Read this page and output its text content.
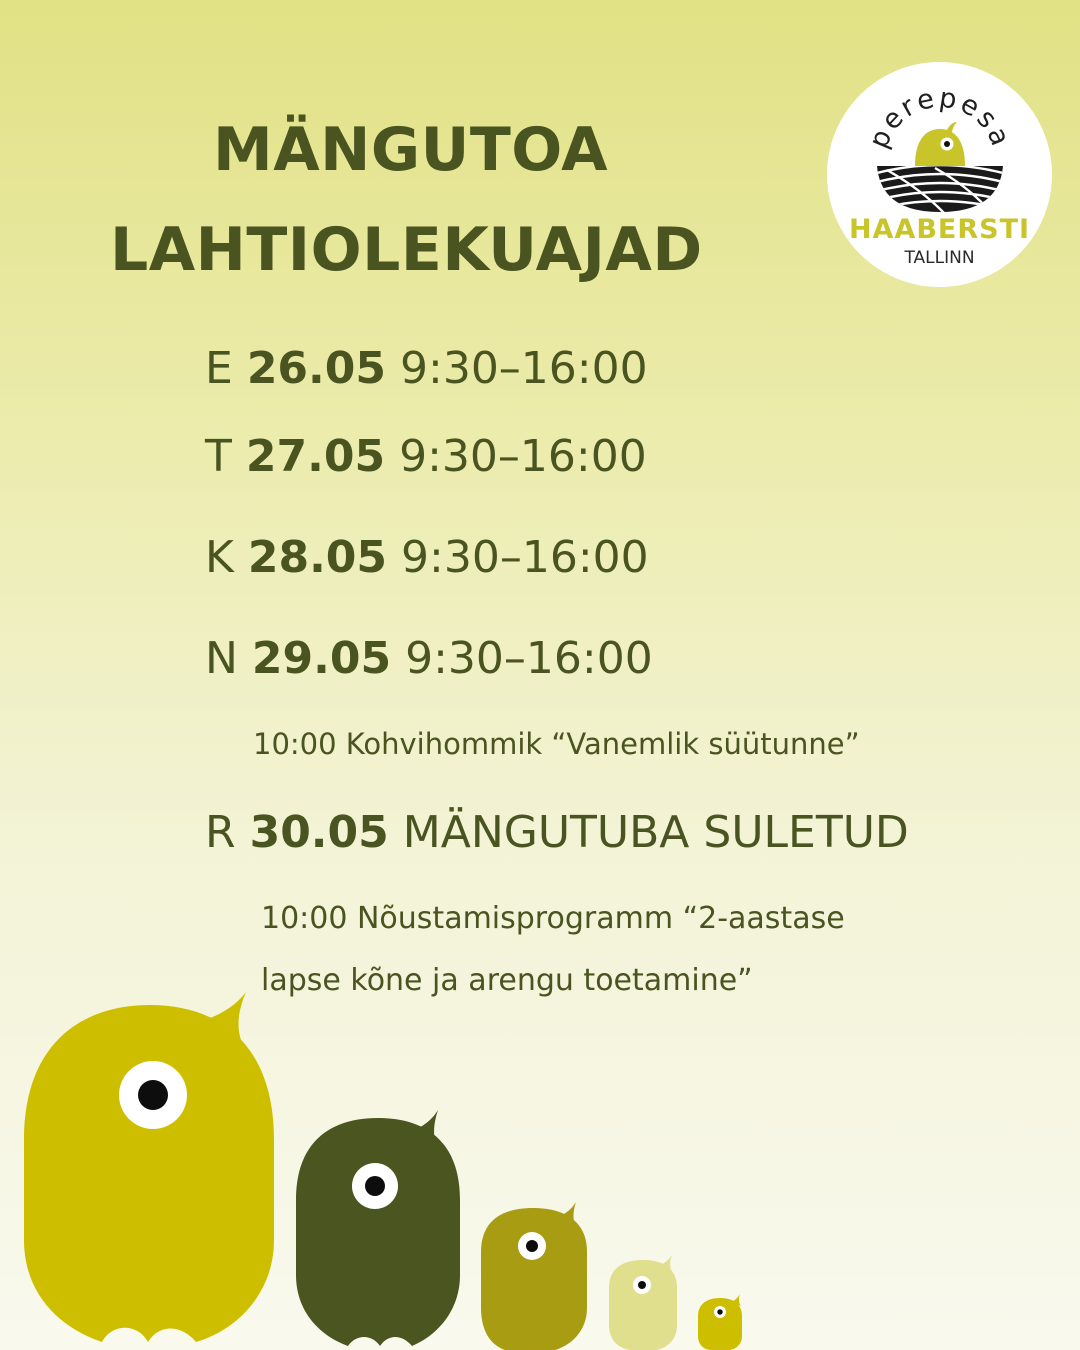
MÄNGUTOA
LAHTIOLEKUAJAD
perepesa
HAABERSTI
TALLINN

E 26.05 9:30–16:00

T 27.05 9:30–16:00

K 28.05 9:30–16:00

N 29.05 9:30–16:00

10:00 Kohvihommik “Vanemlik süütunne”

R 30.05 MÄNGUTUBA SULETUD

10:00 Nõustamisprogramm “2-aastase

lapse kõne ja arengu toetamine”
